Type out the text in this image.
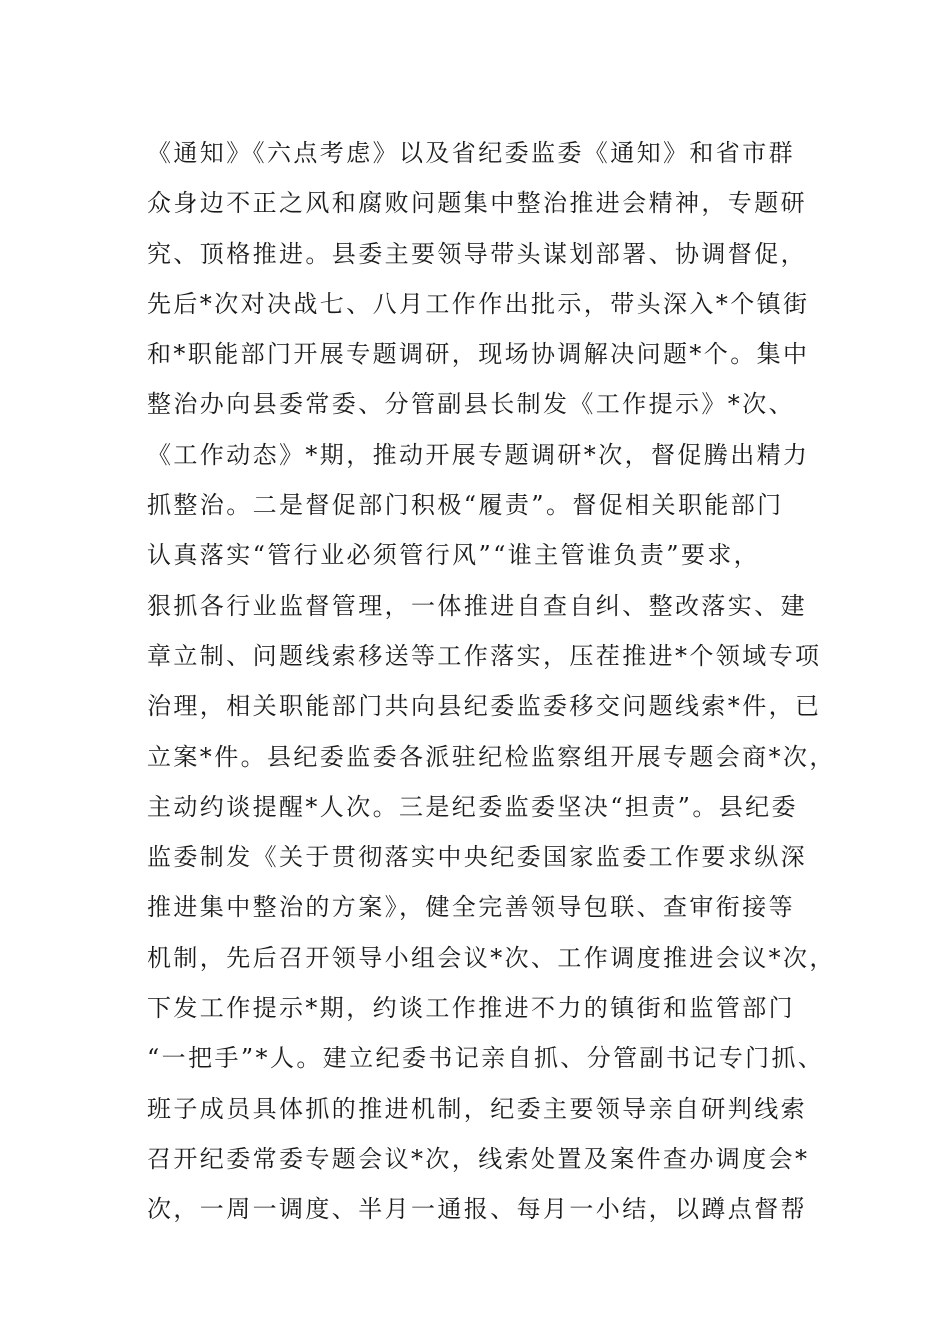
《通知》《六点考虑》以及省纪委监委《通知》和省市群
众身边不正之风和腐败问题集中整治推进会精神，专题研
究、顶格推进。县委主要领导带头谋划部署、协调督促，
先后*次对决战七、八月工作作出批示，带头深入*个镇街
和*职能部门开展专题调研，现场协调解决问题*个。集中
整治办向县委常委、分管副县长制发《工作提示》*次、
《工作动态》*期，推动开展专题调研*次，督促腾出精力
抓整治。二是督促部门积极“履责”。督促相关职能部门
认真落实“管行业必须管行风”“谁主管谁负责”要求，
狠抓各行业监督管理，一体推进自查自纠、整改落实、建
章立制、问题线索移送等工作落实，压茬推进*个领域专项
治理，相关职能部门共向县纪委监委移交问题线索*件，已
立案*件。县纪委监委各派驻纪检监察组开展专题会商*次，
主动约谈提醒*人次。三是纪委监委坚决“担责”。县纪委
监委制发《关于贯彻落实中央纪委国家监委工作要求纵深
推进集中整治的方案》，健全完善领导包联、查审衔接等
机制，先后召开领导小组会议*次、工作调度推进会议*次，
下发工作提示*期，约谈工作推进不力的镇街和监管部门
“一把手”*人。建立纪委书记亲自抓、分管副书记专门抓、
班子成员具体抓的推进机制，纪委主要领导亲自研判线索
召开纪委常委专题会议*次，线索处置及案件查办调度会*
次，一周一调度、半月一通报、每月一小结，以蹲点督帮
